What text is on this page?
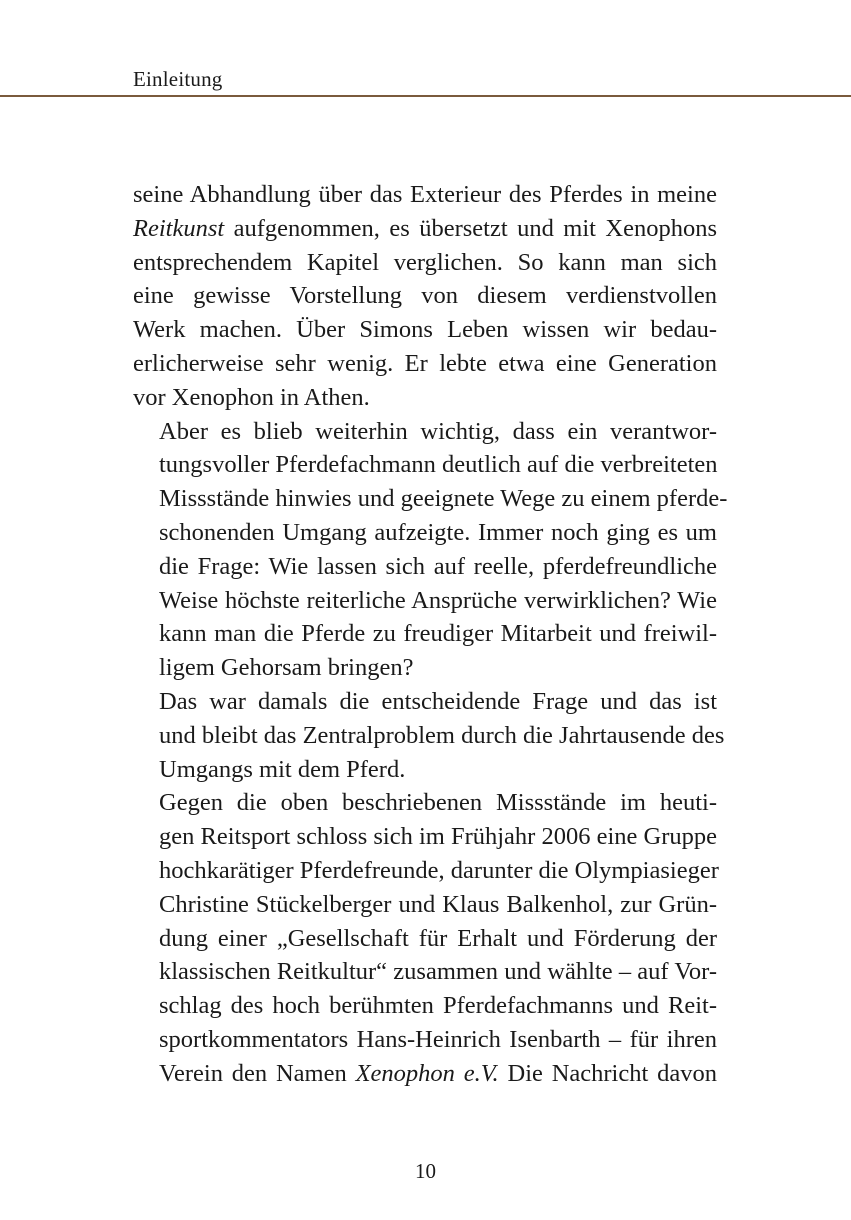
Einleitung

seine Abhandlung über das Exterieur des Pferdes in meine
Reitkunst aufgenommen, es übersetzt und mit Xenophons
entsprechendem Kapitel verglichen. So kann man sich
eine gewisse Vorstellung von diesem verdienstvollen
Werk machen. Über Simons Leben wissen wir bedau-
erlicherweise sehr wenig. Er lebte etwa eine Generation
vor Xenophon in Athen.

Aber es blieb weiterhin wichtig, dass ein verantwor-
tungsvoller Pferdefachmann deutlich auf die verbreiteten
Missstände hinwies und geeignete Wege zu einem pferde-
schonenden Umgang aufzeigte. Immer noch ging es um
die Frage: Wie lassen sich auf reelle, pferdefreundliche
Weise höchste reiterliche Ansprüche verwirklichen? Wie
kann man die Pferde zu freudiger Mitarbeit und freiwil-
ligem Gehorsam bringen?

Das war damals die entscheidende Frage und das ist
und bleibt das Zentralproblem durch die Jahrtausende des
Umgangs mit dem Pferd.

Gegen die oben beschriebenen Missstände im heuti-
gen Reitsport schloss sich im Frühjahr 2006 eine Gruppe
hochkarätiger Pferdefreunde, darunter die Olympiasieger
Christine Stückelberger und Klaus Balkenhol, zur Grün-
dung einer „Gesellschaft für Erhalt und Förderung der
klassischen Reitkultur“ zusammen und wählte – auf Vor-
schlag des hoch berühmten Pferdefachmanns und Reit-
sportkommentators Hans-Heinrich Isenbarth – für ihren
Verein den Namen Xenophon e.V. Die Nachricht davon

10
